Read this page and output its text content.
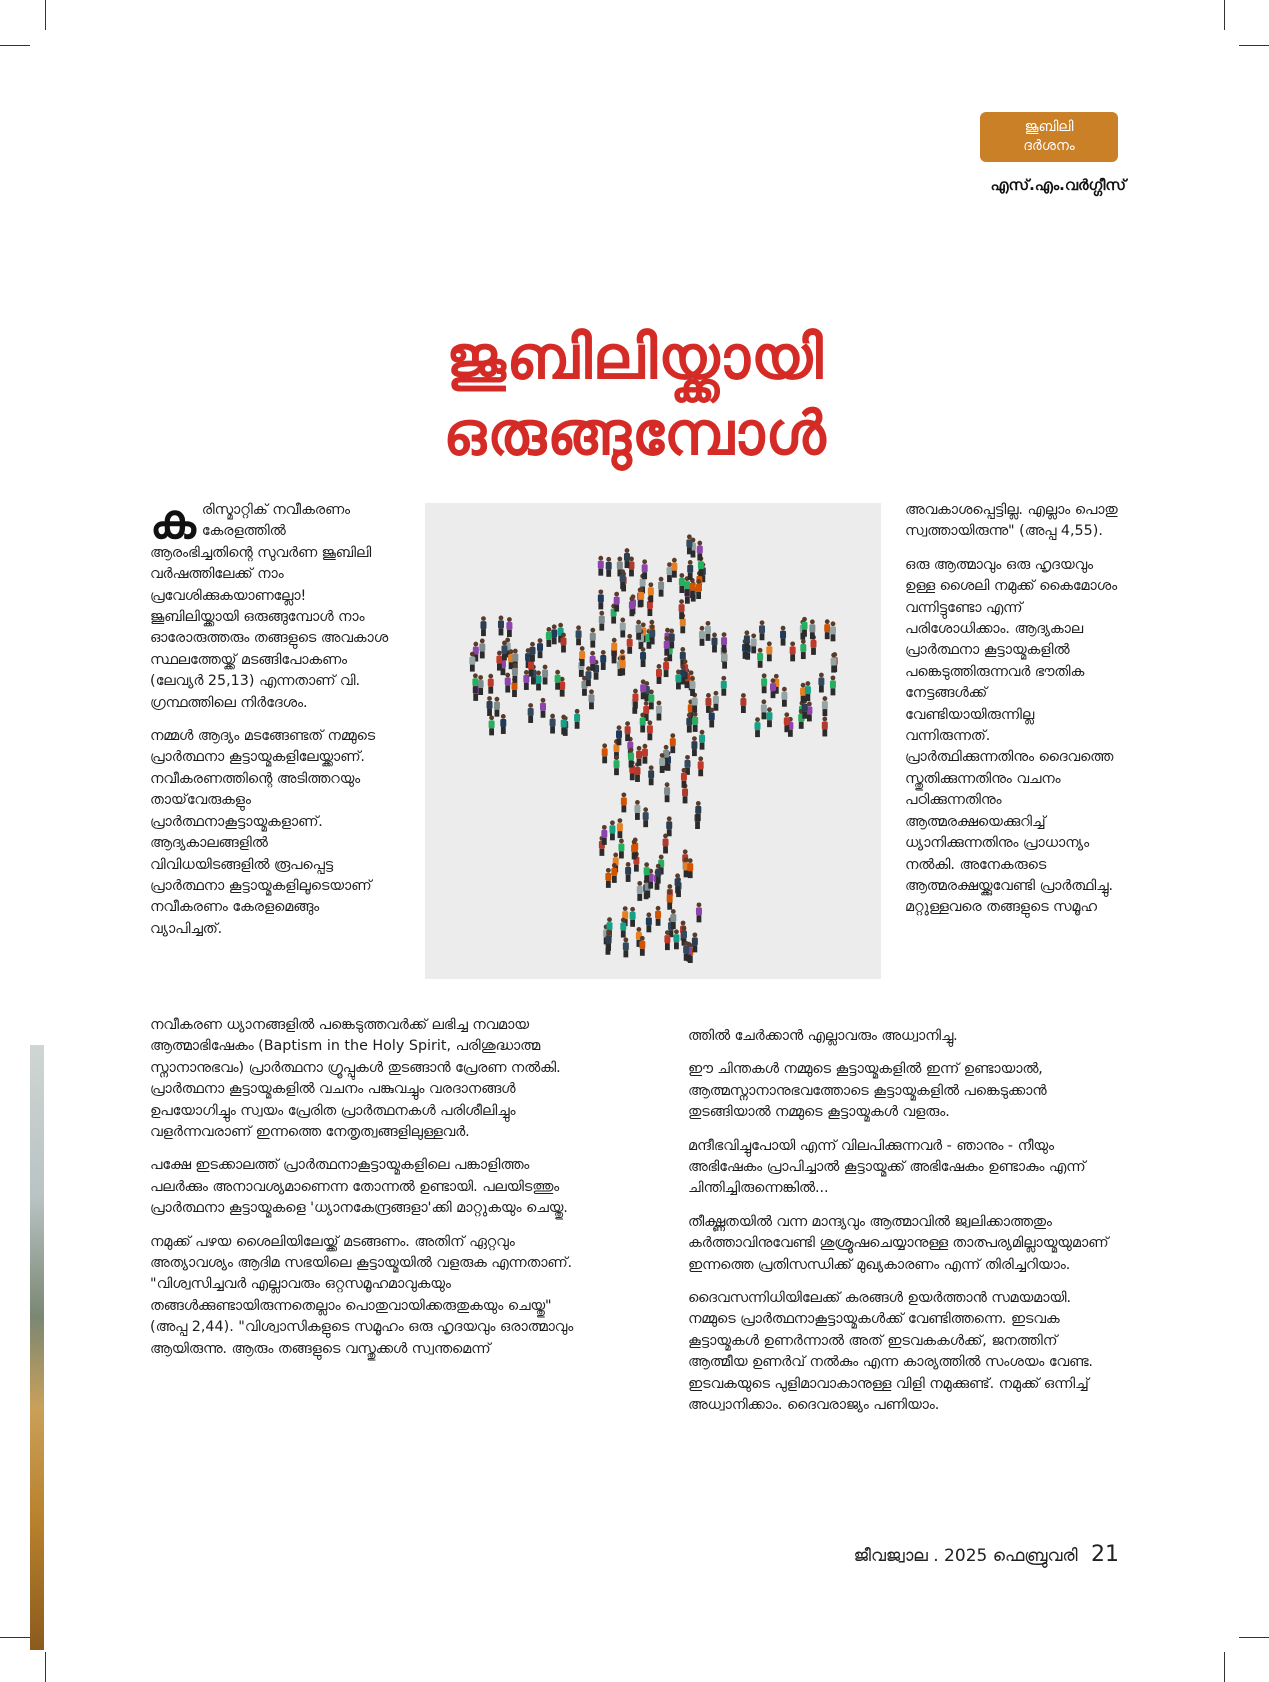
ജൂബിലി
ദർശനം
എസ്.എം.വർഗ്ഗീസ്
ജൂബിലിയ്ക്കായി
ഒരുങ്ങുമ്പോൾ

കരിസ്മാറ്റിക് നവീകരണം കേരളത്തിൽ ആരംഭിച്ചതിന്റെ സുവർണ ജൂബിലി വർഷത്തിലേക്ക് നാം പ്രവേശിക്കുകയാണല്ലോ! ജൂബിലിയ്ക്കായി ഒരുങ്ങുമ്പോൾ നാം ഓരോരുത്തരും തങ്ങളുടെ അവകാശ സ്ഥലത്തേയ്ക്ക് മടങ്ങിപോകണം (ലേവ്യർ 25,13) എന്നതാണ് വി. ഗ്രന്ഥത്തിലെ നിർദേശം.

നമ്മൾ ആദ്യം മടങ്ങേണ്ടത് നമ്മുടെ പ്രാർത്ഥനാ കൂട്ടായ്മകളിലേയ്ക്കാണ്. നവീകരണത്തിന്റെ അടിത്തറയും തായ്‌വേരുകളും പ്രാർത്ഥനാകൂട്ടായ്മകളാണ്. ആദ്യകാലങ്ങളിൽ വിവിധയിടങ്ങളിൽ രൂപപ്പെട്ട പ്രാർത്ഥനാ കൂട്ടായ്മകളിലൂടെയാണ് നവീകരണം കേരളമെങ്ങും വ്യാപിച്ചത്.

നവീകരണ ധ്യാനങ്ങളിൽ പങ്കെടുത്തവർക്ക് ലഭിച്ച നവമായ ആത്മാഭിഷേകം (Baptism in the Holy Spirit, പരിശുദ്ധാത്മ സ്നാനാനുഭവം) പ്രാർത്ഥനാ ഗ്രൂപ്പുകൾ തുടങ്ങാൻ പ്രേരണ നൽകി. പ്രാർത്ഥനാ കൂട്ടായ്മകളിൽ വചനം പങ്കുവച്ചും വരദാനങ്ങൾ ഉപയോഗിച്ചും സ്വയം പ്രേരിത പ്രാർത്ഥനകൾ പരിശീലിച്ചും വളർന്നവരാണ് ഇന്നത്തെ നേതൃത്വങ്ങളിലുള്ളവർ.

പക്ഷേ ഇടക്കാലത്ത് പ്രാർത്ഥനാകൂട്ടായ്മകളിലെ പങ്കാളിത്തം പലർക്കും അനാവശ്യമാണെന്ന തോന്നൽ ഉണ്ടായി. പലയിടത്തും പ്രാർത്ഥനാ കൂട്ടായ്മകളെ 'ധ്യാനകേന്ദ്രങ്ങളാ'ക്കി മാറ്റുകയും ചെയ്തു.

നമുക്ക് പഴയ ശൈലിയിലേയ്ക്ക് മടങ്ങണം. അതിന് ഏറ്റവും അത്യാവശ്യം ആദിമ സഭയിലെ കൂട്ടായ്മയിൽ വളരുക എന്നതാണ്. "വിശ്വസിച്ചവർ എല്ലാവരും ഒറ്റസമൂഹമാവുകയും തങ്ങൾക്കുണ്ടായിരുന്നതെല്ലാം പൊതുവായിക്കരുതുകയും ചെയ്തു" (അപ്പ 2,44). "വിശ്വാസികളുടെ സമൂഹം ഒരു ഹൃദയവും ഒരാത്മാവും ആയിരുന്നു. ആരും തങ്ങളുടെ വസ്തുക്കൾ സ്വന്തമെന്ന്

അവകാശപ്പെട്ടില്ല. എല്ലാം പൊതു സ്വത്തായിരുന്നു" (അപ്പ 4,55).

ഒരു ആത്മാവും ഒരു ഹൃദയവും ഉള്ള ശൈലി നമുക്ക് കൈമോശം വന്നിട്ടുണ്ടോ എന്ന് പരിശോധിക്കാം. ആദ്യകാല പ്രാർത്ഥനാ കൂട്ടായ്മകളിൽ പങ്കെടുത്തിരുന്നവർ ഭൗതിക നേട്ടങ്ങൾക്ക് വേണ്ടിയായിരുന്നില്ല വന്നിരുന്നത്. പ്രാർത്ഥിക്കുന്നതിനും ദൈവത്തെ സ്തുതിക്കുന്നതിനും വചനം പഠിക്കുന്നതിനും ആത്മരക്ഷയെക്കുറിച്ച് ധ്യാനിക്കുന്നതിനും പ്രാധാന്യം നൽകി. അനേകരുടെ ആത്മരക്ഷയ്ക്കുവേണ്ടി പ്രാർത്ഥിച്ചു. മറ്റുള്ളവരെ തങ്ങളുടെ സമൂഹ

ത്തിൽ ചേർക്കാൻ എല്ലാവരും അധ്വാനിച്ചു.

ഈ ചിന്തകൾ നമ്മുടെ കൂട്ടായ്മകളിൽ ഇന്ന് ഉണ്ടായാൽ, ആത്മസ്നാനാനുഭവത്തോടെ കൂട്ടായ്മകളിൽ പങ്കെടുക്കാൻ തുടങ്ങിയാൽ നമ്മുടെ കൂട്ടായ്മകൾ വളരും.

മന്ദീഭവിച്ചുപോയി എന്ന് വിലപിക്കുന്നവർ - ഞാനും - നീയും അഭിഷേകം പ്രാപിച്ചാൽ കൂട്ടായ്മക്ക് അഭിഷേകം ഉണ്ടാകും എന്ന് ചിന്തിച്ചിരുന്നെങ്കിൽ...

തീക്ഷ്ണതയിൽ വന്ന മാന്ദ്യവും ആത്മാവിൽ ജ്വലിക്കാത്തതും കർത്താവിനുവേണ്ടി ശുശ്രൂഷചെയ്യാനുള്ള താത്പര്യമില്ലായ്മയുമാണ് ഇന്നത്തെ പ്രതിസന്ധിക്ക് മുഖ്യകാരണം എന്ന് തിരിച്ചറിയാം.

ദൈവസന്നിധിയിലേക്ക് കരങ്ങൾ ഉയർത്താൻ സമയമായി. നമ്മുടെ പ്രാർത്ഥനാകൂട്ടായ്മകൾക്ക് വേണ്ടിത്തന്നെ. ഇടവക കൂട്ടായ്മകൾ ഉണർന്നാൽ അത് ഇടവകകൾക്ക്, ജനത്തിന് ആത്മീയ ഉണർവ് നൽകും എന്ന കാര്യത്തിൽ സംശയം വേണ്ട. ഇടവകയുടെ പുളിമാവാകാനുള്ള വിളി നമുക്കുണ്ട്. നമുക്ക് ഒന്നിച്ച് അധ്വാനിക്കാം. ദൈവരാജ്യം പണിയാം.

ജീവജ്വാല . 2025 ഫെബ്രുവരി 21
